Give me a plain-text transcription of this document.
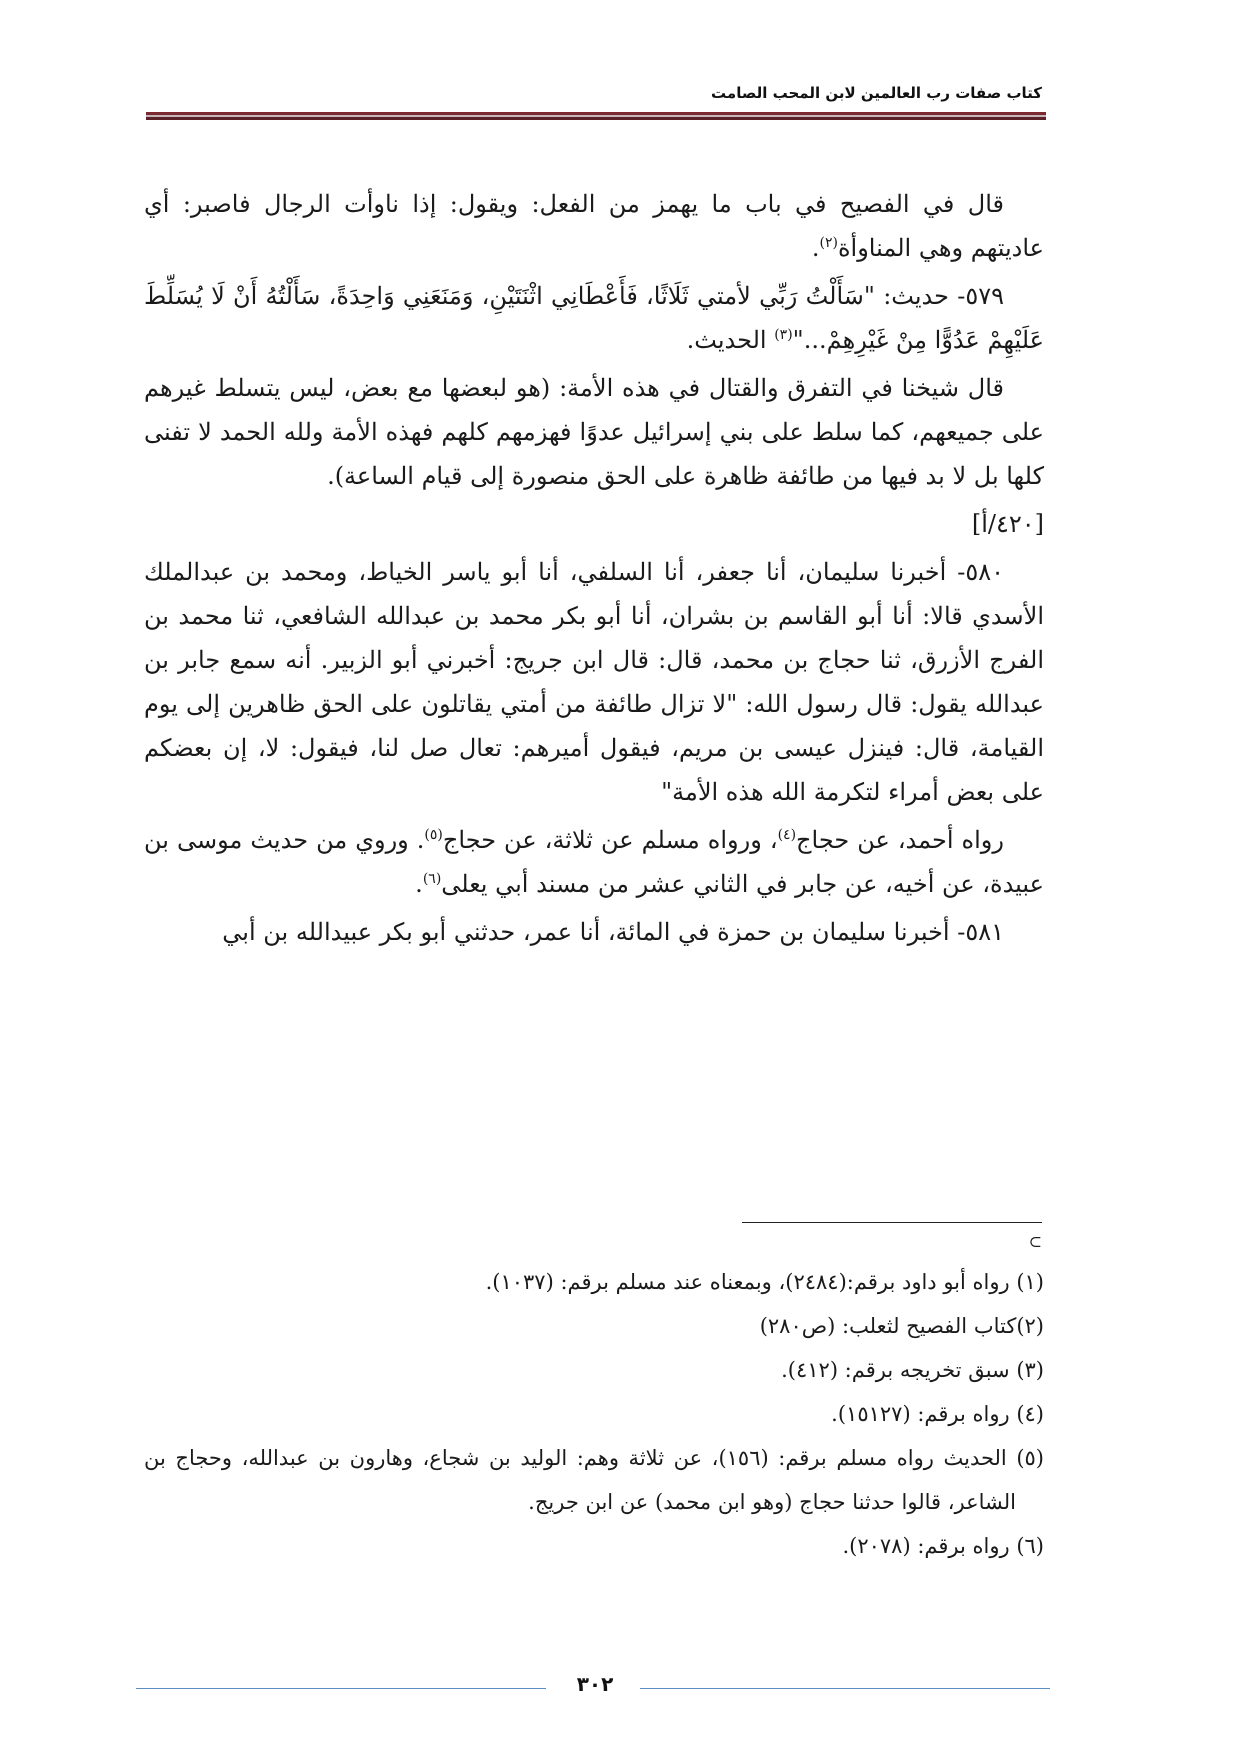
كتاب صفات رب العالمين لابن المحب الصامت

قال في الفصيح في باب ما يهمز من الفعل: ويقول: إذا ناوأت الرجال فاصبر: أي عاديتهم وهي المناوأة$^{(٢)}$.

٥٧٩- حديث: "سَأَلْتُ رَبِّي لأمتي ثَلَاثًا، فَأَعْطَانِي اثْنَتَيْنِ، وَمَنَعَنِي وَاحِدَةً، سَأَلْتُهُ أَنْ لَا يُسَلِّطَ عَلَيْهِمْ عَدُوًّا مِنْ غَيْرِهِمْ..."$^{(٣)}$ الحديث.

قال شيخنا في التفرق والقتال في هذه الأمة: (هو لبعضها مع بعض، ليس يتسلط غيرهم على جميعهم، كما سلط على بني إسرائيل عدوًا فهزمهم كلهم فهذه الأمة ولله الحمد لا تفنى كلها بل لا بد فيها من طائفة ظاهرة على الحق منصورة إلى قيام الساعة).

[٤٢٠/أ]

٥٨٠- أخبرنا سليمان، أنا جعفر، أنا السلفي، أنا أبو ياسر الخياط، ومحمد بن عبدالملك الأسدي قالا: أنا أبو القاسم بن بشران، أنا أبو بكر محمد بن عبدالله الشافعي، ثنا محمد بن الفرج الأزرق، ثنا حجاج بن محمد، قال: قال ابن جريج: أخبرني أبو الزبير. أنه سمع جابر بن عبدالله يقول: قال رسول الله: "لا تزال طائفة من أمتي يقاتلون على الحق ظاهرين إلى يوم القيامة، قال: فينزل عيسى بن مريم، فيقول أميرهم: تعال صل لنا، فيقول: لا، إن بعضكم على بعض أمراء لتكرمة الله هذه الأمة"

رواه أحمد، عن حجاج$^{(٤)}$، ورواه مسلم عن ثلاثة، عن حجاج$^{(٥)}$. وروي من حديث موسى بن عبيدة، عن أخيه، عن جابر في الثاني عشر من مسند أبي يعلى$^{(٦)}$.

٥٨١- أخبرنا سليمان بن حمزة في المائة، أنا عمر، حدثني أبو بكر عبيدالله بن أبي

⊃

(١) رواه أبو داود برقم:(٢٤٨٤)، وبمعناه عند مسلم برقم: (١٠٣٧).

(٢)كتاب الفصيح لثعلب: (ص٢٨٠)

(٣) سبق تخريجه برقم: (٤١٢).

(٤) رواه برقم: (١٥١٢٧).

(٥) الحديث رواه مسلم برقم: (١٥٦)، عن ثلاثة وهم: الوليد بن شجاع، وهارون بن عبدالله، وحجاج بن الشاعر، قالوا حدثنا حجاج (وهو ابن محمد) عن ابن جريج.

(٦) رواه برقم: (٢٠٧٨).

٣٠٢
